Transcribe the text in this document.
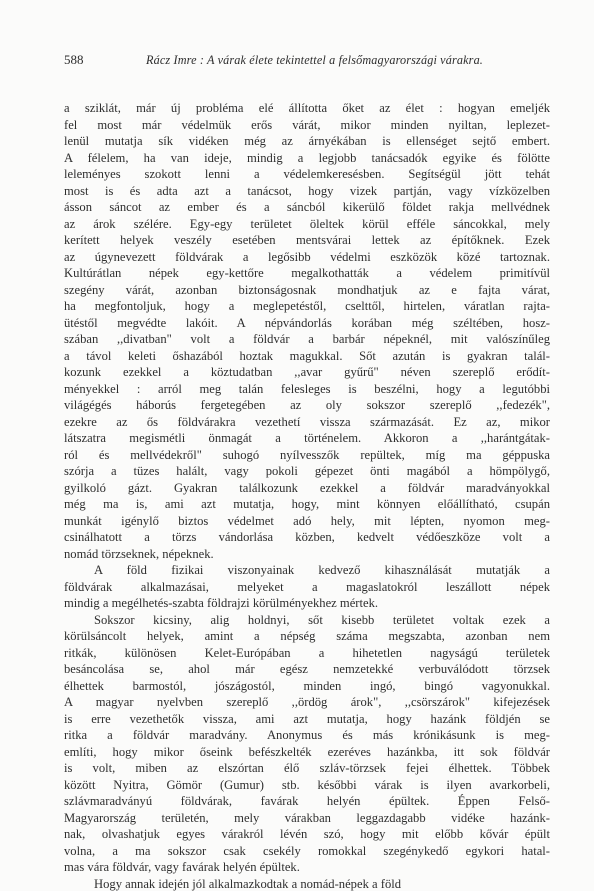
588	Rácz Imre : A várak élete tekintettel a felsőmagyarországi várakra.
a sziklát, már új probléma elé állította őket az élet : hogyan emeljék
fel most már védelmük erős várát, mikor minden nyiltan, leplezet-
lenül mutatja sík vidéken még az árnyékában is ellenséget sejtő embert.
A félelem, ha van ideje, mindig a legjobb tanácsadók egyike és fölötte
leleményes szokott lenni a védelemkeresésben. Segítségül jött tehát
most is és adta azt a tanácsot, hogy vizek partján, vagy vízközelben
ásson sáncot az ember és a sáncból kikerülő földet rakja mellvédnek
az árok szélére. Egy-egy területet öleltek körül efféle sáncokkal, mely
kerített helyek veszély esetében mentsvárai lettek az építőknek. Ezek
az úgynevezett földvárak a legősibb védelmi eszközök közé tartoznak.
Kultúrátlan népek egy-kettőre megalkothatták a védelem primitívül
szegény várát, azonban biztonságosnak mondhatjuk az e fajta várat,
ha megfontoljuk, hogy a meglepetéstől, cselttől, hirtelen, váratlan rajta-
ütéstől megvédte lakóit. A népvándorlás korában még széltében, hosz-
szában ,,divatban" volt a földvár a barbár népeknél, mit valószínűleg
a távol keleti őshazából hoztak magukkal. Sőt azután is gyakran talál-
kozunk ezekkel a köztudatban ,,avar gyűrű" néven szereplő erődít-
ményekkel : arról meg talán felesleges is beszélni, hogy a legutóbbi
világégés háborús fergetegében az oly sokszor szereplő ,,fedezék",
ezekre az ős földvárakra vezethetí vissza származását. Ez az, mikor
látszatra megismétli önmagát a történelem. Akkoron a ,,harántgátak-
ról és mellvédekről" suhogó nyílvesszők repültek, míg ma géppuska
szórja a tüzes halált, vagy pokoli gépezet önti magából a hömpölygő,
gyilkoló gázt. Gyakran találkozunk ezekkel a földvár maradványokkal
még ma is, ami azt mutatja, hogy, mint könnyen előállítható, csupán
munkát igénylő biztos védelmet adó hely, mit lépten, nyomon meg-
csinálhatott a törzs vándorlása közben, kedvelt védőeszköze volt a
nomád törzseknek, népeknek.
A föld fizikai viszonyainak kedvező kihasználását mutatják a
földvárak alkalmazásai, melyeket a magaslatokról leszállott népek
mindig a megélhetés-szabta földrajzi körülményekhez mértek.
Sokszor kicsiny, alig holdnyi, sőt kisebb területet voltak ezek a
körülsáncolt helyek, amint a népség száma megszabta, azonban nem
ritkák, különösen Kelet-Európában a hihetetlen nagyságú területek
besáncolása se, ahol már egész nemzetekké verbuválódott törzsek
élhettek barmostól, jószágostól, minden ingó, bingó vagyonukkal.
A magyar nyelvben szereplő ,,ördög árok", ,,csörszárok" kifejezések
is erre vezethetők vissza, ami azt mutatja, hogy hazánk földjén se
ritka a földvár maradvány. Anonymus és más krónikásunk is meg-
említi, hogy mikor őseink befészkelték ezeréves hazánkba, itt sok földvár
is volt, miben az elszórtan élő szláv-törzsek fejei élhettek. Többek
között Nyitra, Gömör (Gumur) stb. későbbi várak is ilyen avarkorbeli,
szlávmaradványú földvárak, favárak helyén épültek. Éppen Felső-
Magyarország területén, mely várakban leggazdagabb vidéke hazánk-
nak, olvashatjuk egyes várakról lévén szó, hogy mit előbb kővár épült
volna, a ma sokszor csak csekély romokkal szegénykedő egykori hatal-
mas vára földvár, vagy favárak helyén épültek.
Hogy annak idején jól alkalmazkodtak a nomád-népek a föld
